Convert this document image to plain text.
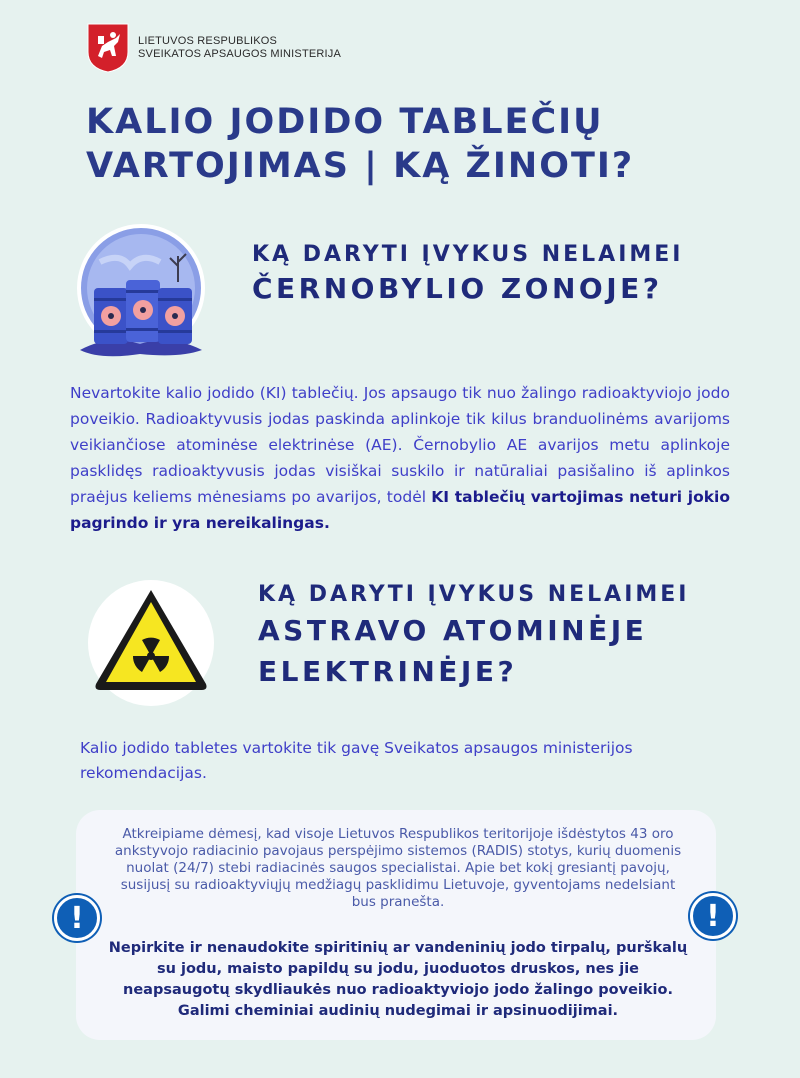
LIETUVOS RESPUBLIKOS
SVEIKATOS APSAUGOS MINISTERIJA
KALIO JODIDO TABLEČIŲ
VARTOJIMAS | KĄ ŽINOTI?
KĄ DARYTI ĮVYKUS NELAIMEI
ČERNOBYLIO ZONOJE?
Nevartokite kalio jodido (KI) tablečių. Jos apsaugo tik nuo žalingo radioaktyviojo jodo poveikio. Radioaktyvusis jodas paskinda aplinkoje tik kilus branduolinėms avarijoms veikiančiose atominėse elektrinėse (AE). Černobylio AE avarijos metu aplinkoje pasklidęs radioaktyvusis jodas visiškai suskilo ir natūraliai pasišalino iš aplinkos praėjus keliems mėnesiams po avarijos, todėl KI tablečių vartojimas neturi jokio pagrindo ir yra nereikalingas.
KĄ DARYTI ĮVYKUS NELAIMEI
ASTRAVO ATOMINĖJE
ELEKTRINĖJE?
Kalio jodido tabletes vartokite tik gavę Sveikatos apsaugos ministerijos rekomendacijas.
Atkreipiame dėmesį, kad visoje Lietuvos Respublikos teritorijoje išdėstytos 43 oro ankstyvojo radiacinio pavojaus perspėjimo sistemos (RADIS) stotys, kurių duomenis nuolat (24/7) stebi radiacinės saugos specialistai. Apie bet kokį gresiantį pavojų, susijusį su radioaktyviųjų medžiagų pasklidimu Lietuvoje, gyventojams nedelsiant bus pranešta.
Nepirkite ir nenaudokite spiritinių ar vandeninių jodo tirpalų, purškalų su jodu, maisto papildų su jodu, juoduotos druskos, nes jie neapsaugotų skydliaukės nuo radioaktyviojo jodo žalingo poveikio. Galimi cheminiai audinių nudegimai ir apsinuodijimai.
!	!
